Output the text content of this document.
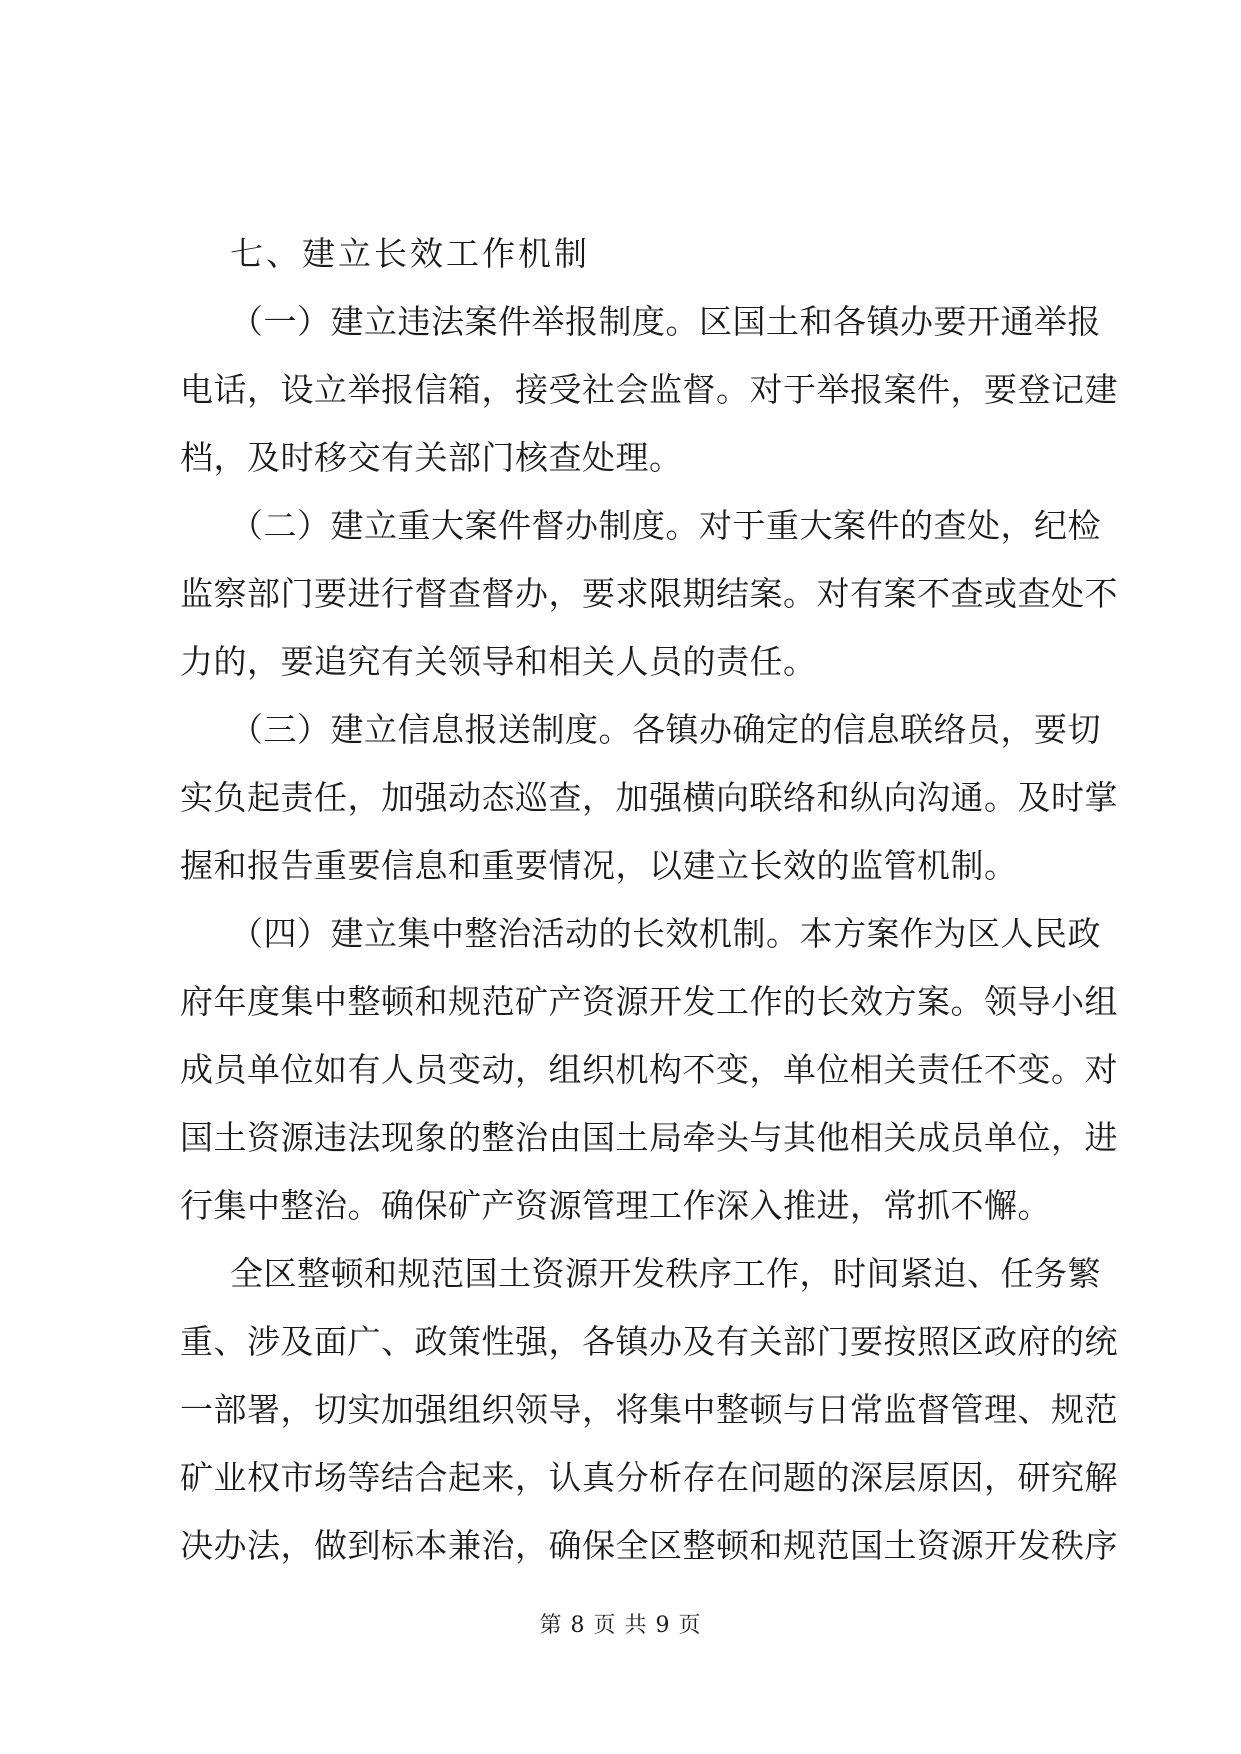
七、建立长效工作机制
（一）建立违法案件举报制度。区国土和各镇办要开通举报
电话，设立举报信箱，接受社会监督。对于举报案件，要登记建
档，及时移交有关部门核查处理。
（二）建立重大案件督办制度。对于重大案件的查处，纪检
监察部门要进行督查督办，要求限期结案。对有案不查或查处不
力的，要追究有关领导和相关人员的责任。
（三）建立信息报送制度。各镇办确定的信息联络员，要切
实负起责任，加强动态巡查，加强横向联络和纵向沟通。及时掌
握和报告重要信息和重要情况，以建立长效的监管机制。
（四）建立集中整治活动的长效机制。本方案作为区人民政
府年度集中整顿和规范矿产资源开发工作的长效方案。领导小组
成员单位如有人员变动，组织机构不变，单位相关责任不变。对
国土资源违法现象的整治由国土局牵头与其他相关成员单位，进
行集中整治。确保矿产资源管理工作深入推进，常抓不懈。
全区整顿和规范国土资源开发秩序工作，时间紧迫、任务繁
重、涉及面广、政策性强，各镇办及有关部门要按照区政府的统
一部署，切实加强组织领导，将集中整顿与日常监督管理、规范
矿业权市场等结合起来，认真分析存在问题的深层原因，研究解
决办法，做到标本兼治，确保全区整顿和规范国土资源开发秩序
第 8 页 共 9 页
